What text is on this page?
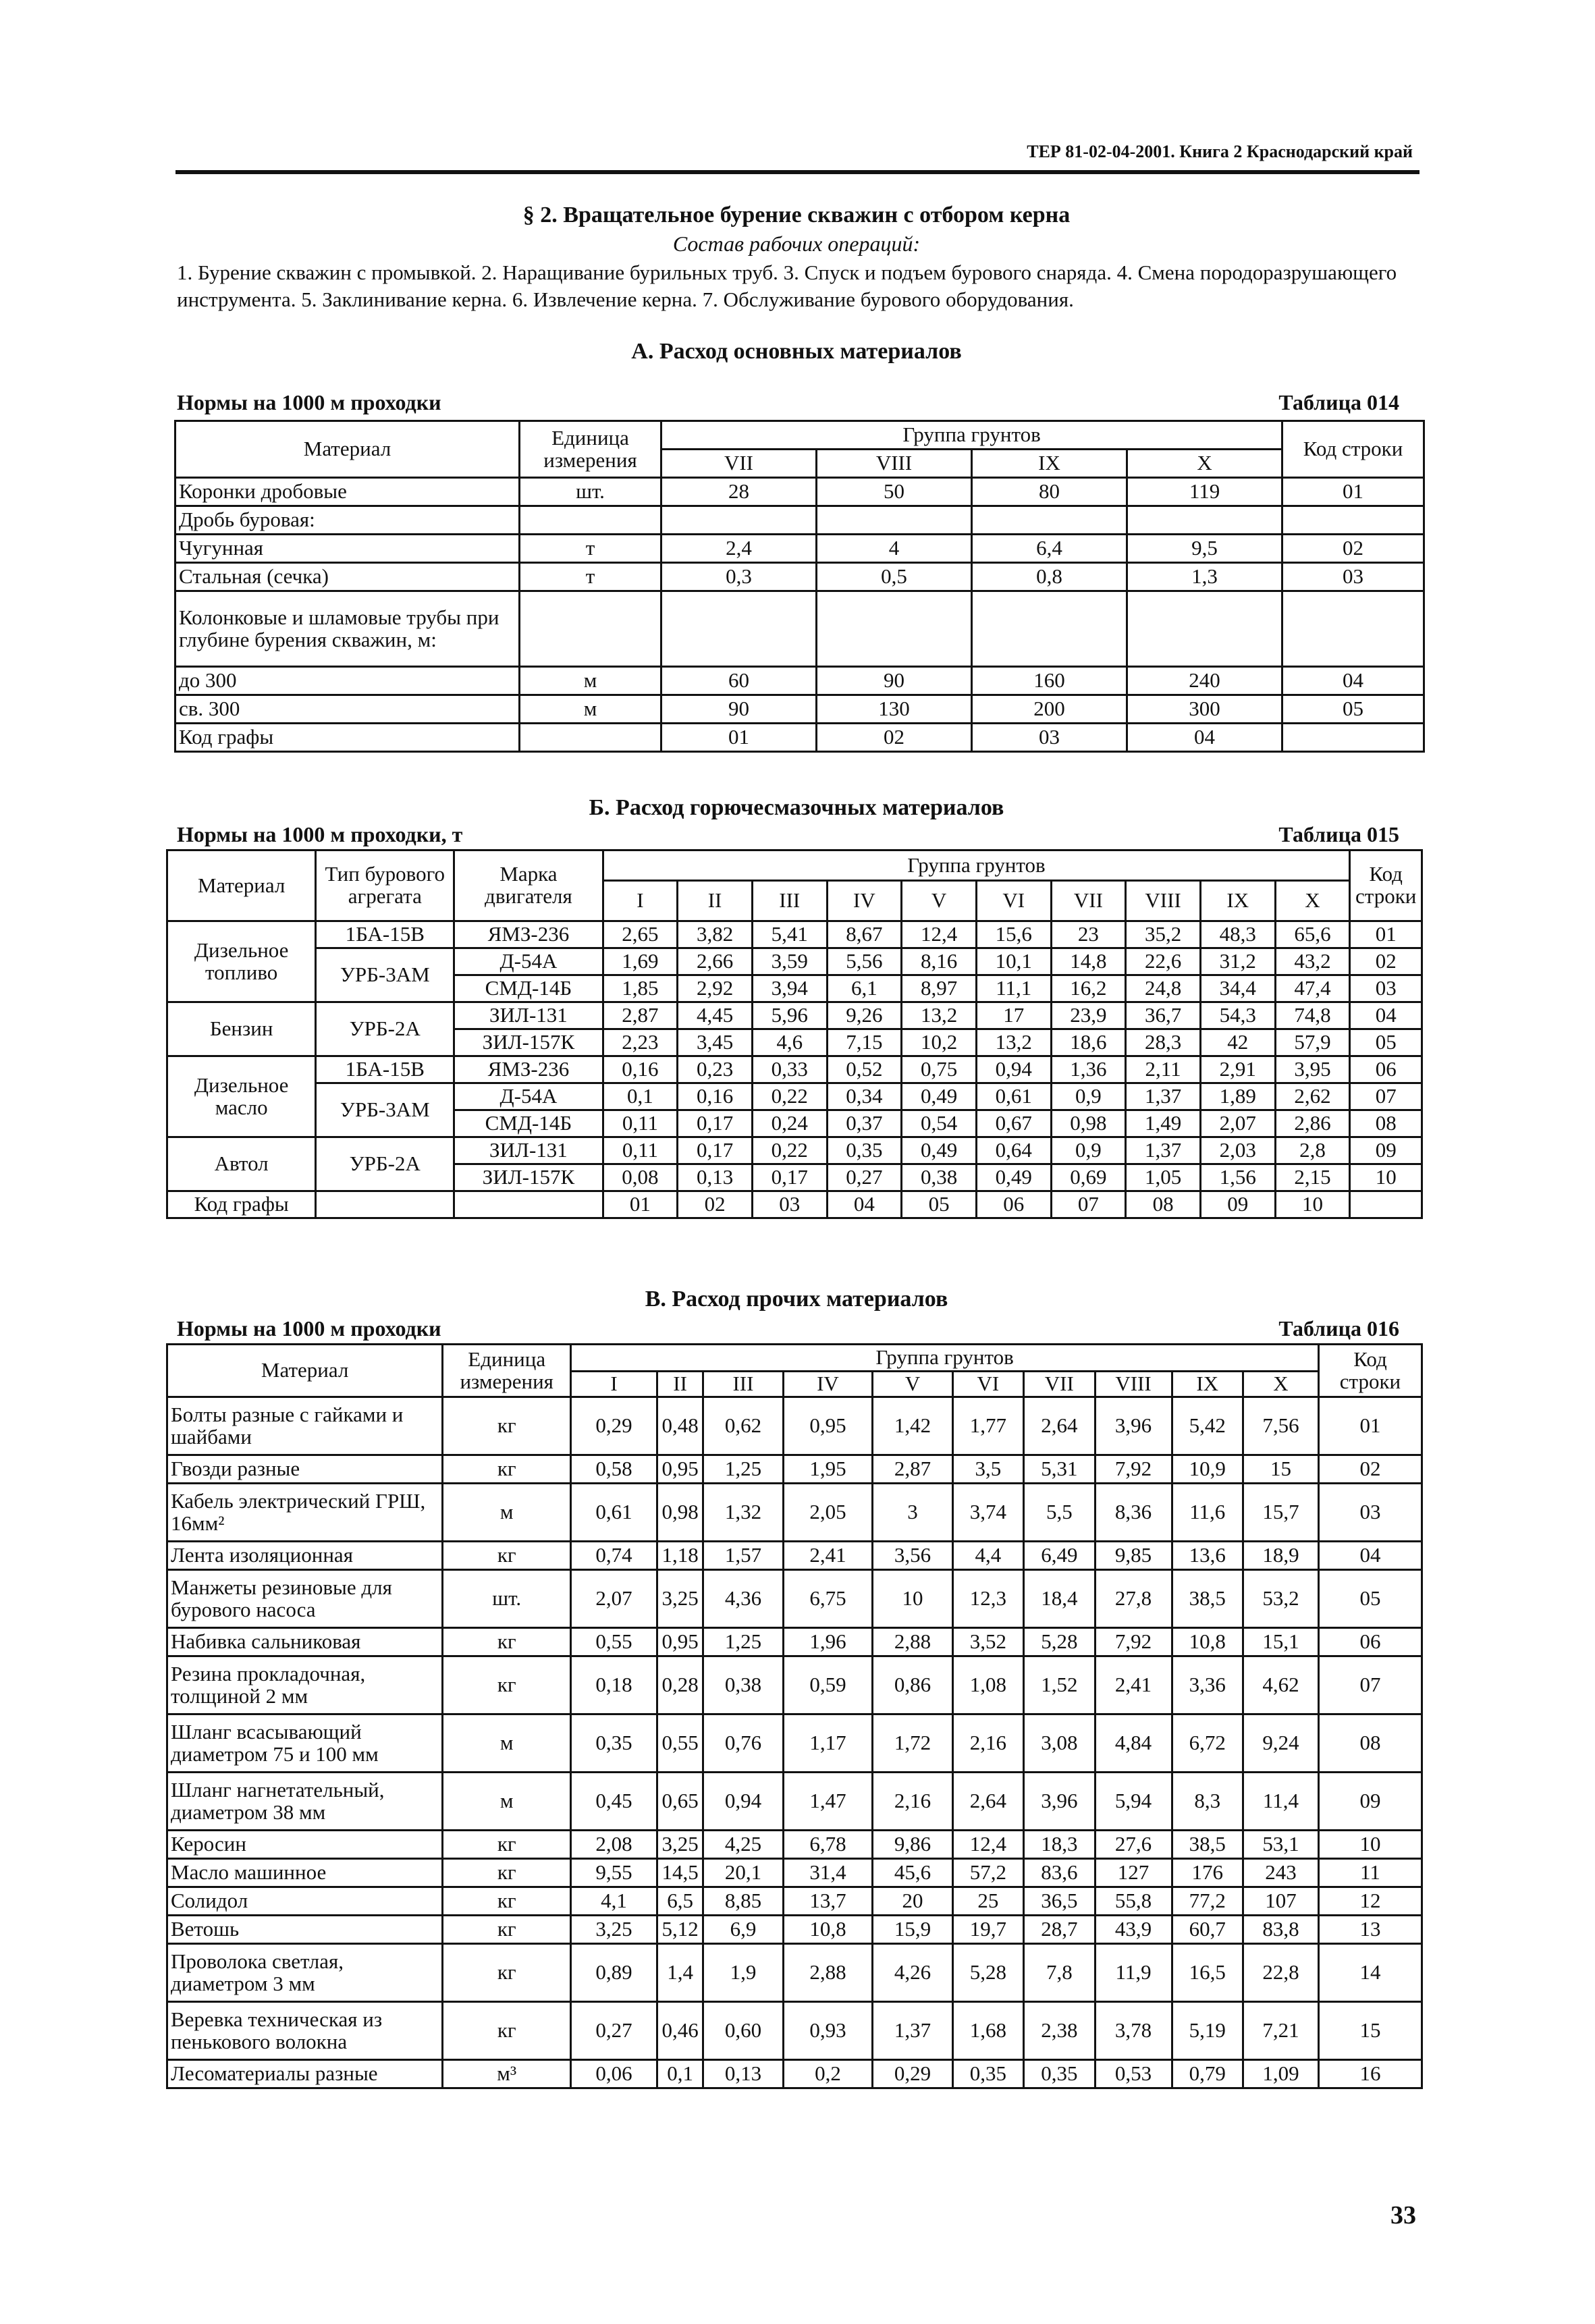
ТЕР 81-02-04-2001. Книга 2 Краснодарский край
§ 2. Вращательное бурение скважин с отбором керна
Состав рабочих операций:
1. Бурение скважин с промывкой. 2. Наращивание бурильных труб. 3. Спуск и подъем бурового снаряда. 4. Смена породоразрушающего инструмента. 5. Заклинивание керна. 6. Извлечение керна. 7. Обслуживание бурового оборудования.
А. Расход основных материалов
Нормы на 1000 м проходки	Таблица 014
Материал	Единица измерения	Группа грунтов				Код строки
		VII	VIII	IX	X	
Коронки дробовые	шт.	28	50	80	119	01
Дробь буровая:						
Чугунная	т	2,4	4	6,4	9,5	02
Стальная (сечка)	т	0,3	0,5	0,8	1,3	03
Колонковые и шламовые трубы при глубине бурения скважин, м:						
до 300	м	60	90	160	240	04
св. 300	м	90	130	200	300	05
Код графы		01	02	03	04	
Б. Расход горючесмазочных материалов
Нормы на 1000 м проходки, т	Таблица 015
Материал	Тип бурового агрегата	Марка двигателя	Группа грунтов										Код строки
			I	II	III	IV	V	VI	VII	VIII	IX	X	
Дизельное топливо	1БА-15В	ЯМЗ-236	2,65	3,82	5,41	8,67	12,4	15,6	23	35,2	48,3	65,6	01
	УРБ-3АМ	Д-54А	1,69	2,66	3,59	5,56	8,16	10,1	14,8	22,6	31,2	43,2	02
		СМД-14Б	1,85	2,92	3,94	6,1	8,97	11,1	16,2	24,8	34,4	47,4	03
Бензин	УРБ-2А	ЗИЛ-131	2,87	4,45	5,96	9,26	13,2	17	23,9	36,7	54,3	74,8	04
		ЗИЛ-157К	2,23	3,45	4,6	7,15	10,2	13,2	18,6	28,3	42	57,9	05
Дизельное масло	1БА-15В	ЯМЗ-236	0,16	0,23	0,33	0,52	0,75	0,94	1,36	2,11	2,91	3,95	06
	УРБ-3АМ	Д-54А	0,1	0,16	0,22	0,34	0,49	0,61	0,9	1,37	1,89	2,62	07
		СМД-14Б	0,11	0,17	0,24	0,37	0,54	0,67	0,98	1,49	2,07	2,86	08
Автол	УРБ-2А	ЗИЛ-131	0,11	0,17	0,22	0,35	0,49	0,64	0,9	1,37	2,03	2,8	09
		ЗИЛ-157К	0,08	0,13	0,17	0,27	0,38	0,49	0,69	1,05	1,56	2,15	10
Код графы			01	02	03	04	05	06	07	08	09	10	
В. Расход прочих материалов
Нормы на 1000 м проходки	Таблица 016
Материал	Единица измерения	Группа грунтов										Код строки
		I	II	III	IV	V	VI	VII	VIII	IX	X	
Болты разные с гайками и шайбами	кг	0,29	0,48	0,62	0,95	1,42	1,77	2,64	3,96	5,42	7,56	01
Гвозди разные	кг	0,58	0,95	1,25	1,95	2,87	3,5	5,31	7,92	10,9	15	02
Кабель электрический ГРШ, 16мм²	м	0,61	0,98	1,32	2,05	3	3,74	5,5	8,36	11,6	15,7	03
Лента изоляционная	кг	0,74	1,18	1,57	2,41	3,56	4,4	6,49	9,85	13,6	18,9	04
Манжеты резиновые для бурового насоса	шт.	2,07	3,25	4,36	6,75	10	12,3	18,4	27,8	38,5	53,2	05
Набивка сальниковая	кг	0,55	0,95	1,25	1,96	2,88	3,52	5,28	7,92	10,8	15,1	06
Резина прокладочная, толщиной 2 мм	кг	0,18	0,28	0,38	0,59	0,86	1,08	1,52	2,41	3,36	4,62	07
Шланг всасывающий диаметром 75 и 100 мм	м	0,35	0,55	0,76	1,17	1,72	2,16	3,08	4,84	6,72	9,24	08
Шланг нагнетательный, диаметром 38 мм	м	0,45	0,65	0,94	1,47	2,16	2,64	3,96	5,94	8,3	11,4	09
Керосин	кг	2,08	3,25	4,25	6,78	9,86	12,4	18,3	27,6	38,5	53,1	10
Масло машинное	кг	9,55	14,5	20,1	31,4	45,6	57,2	83,6	127	176	243	11
Солидол	кг	4,1	6,5	8,85	13,7	20	25	36,5	55,8	77,2	107	12
Ветошь	кг	3,25	5,12	6,9	10,8	15,9	19,7	28,7	43,9	60,7	83,8	13
Проволока светлая, диаметром 3 мм	кг	0,89	1,4	1,9	2,88	4,26	5,28	7,8	11,9	16,5	22,8	14
Веревка техническая из пенькового волокна	кг	0,27	0,46	0,60	0,93	1,37	1,68	2,38	3,78	5,19	7,21	15
Лесоматериалы разные	м³	0,06	0,1	0,13	0,2	0,29	0,35	0,35	0,53	0,79	1,09	16
33
